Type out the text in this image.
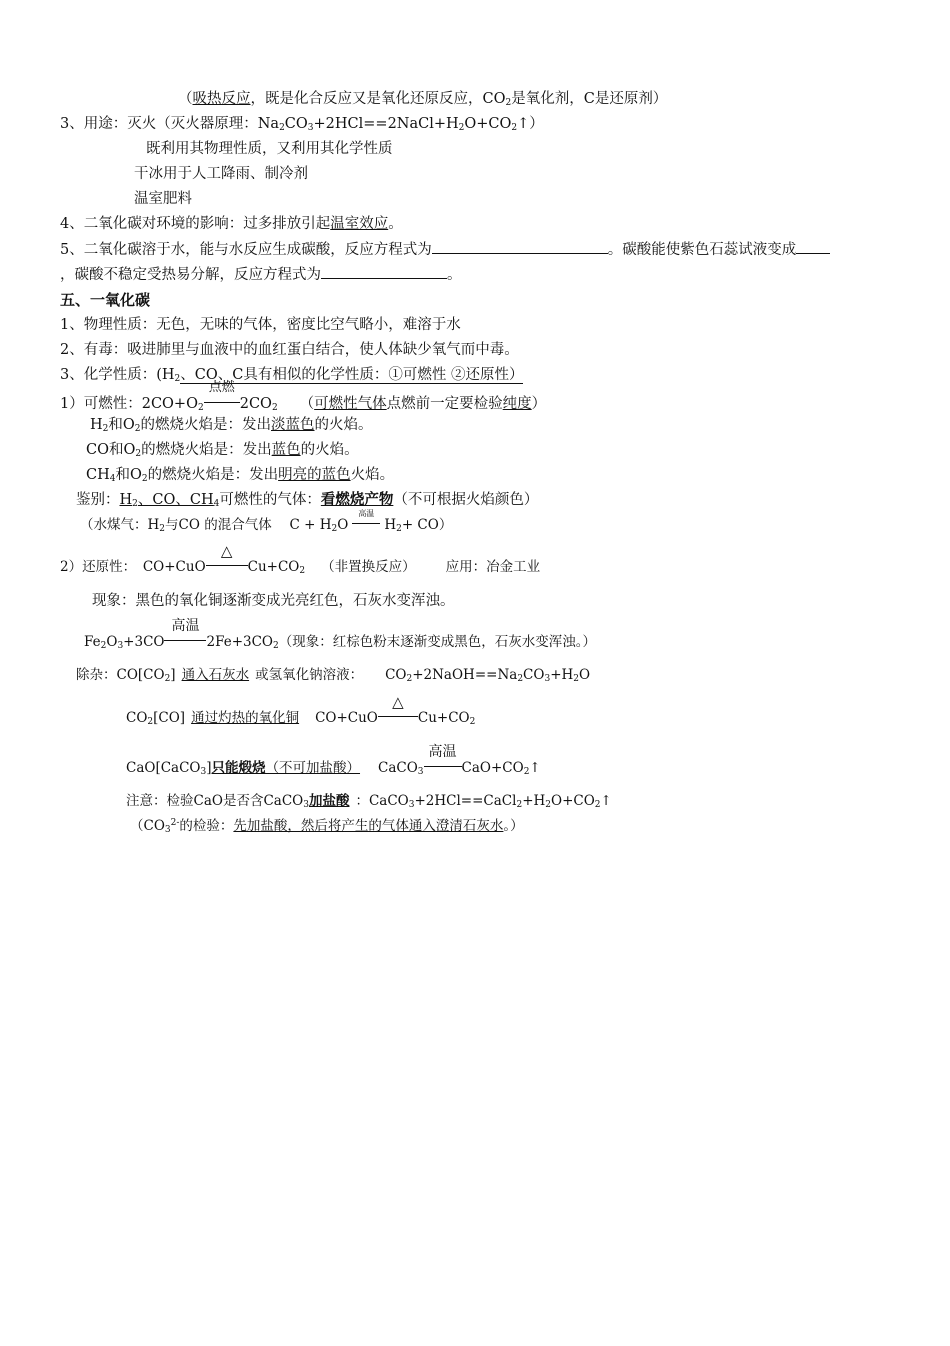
（吸热反应，既是化合反应又是氧化还原反应，$CO_2$是氧化剂，C是还原剂）
3、用途：灭火（灭火器原理：$Na_2CO_3+2HCl==2NaCl+H_2O+CO_2↑$）
既利用其物理性质，又利用其化学性质
干冰用于人工降雨、制冷剂
温室肥料
4、二氧化碳对环境的影响：过多排放引起温室效应。
5、二氧化碳溶于水，能与水反应生成碳酸，反应方程式为	。碳酸能使紫色石蕊试液变成
，碳酸不稳定受热易分解，反应方程式为	。
五、一氧化碳
1、物理性质：无色，无味的气体，密度比空气略小，难溶于水
2、有毒：吸进肺里与血液中的血红蛋白结合，使人体缺少氧气而中毒。
3、化学性质：($H_2$、CO、C具有相似的化学性质：①可燃性 ②还原性）
1）可燃性：$2CO+O_2$
点燃
$2CO_2$ （可燃性气体点燃前一定要检验纯度）
$H_2$和$O_2$的燃烧火焰是：发出淡蓝色的火焰。
CO和$O_2$的燃烧火焰是：发出蓝色的火焰。
$CH_4$和$O_2$的燃烧火焰是：发出明亮的蓝色火焰。
鉴别：$H_2$、CO、$CH_4$可燃性的气体：看燃烧产物（不可根据火焰颜色）
（水煤气：$H_2$与CO 的混合气体 　$C + H_2O$
高温
$H_2+ CO$）
2）还原性：　CO+CuO
△
$Cu+CO_2$ （非置换反应） 应用：冶金工业
现象：黑色的氧化铜逐渐变成光亮红色，石灰水变浑浊。
$Fe_2O_3+3CO$
高温
$2Fe+3CO_2$（现象：红棕色粉末逐渐变成黑色，石灰水变浑浊。）
除杂：$CO[CO_2]$ 通入石灰水 或氢氧化钠溶液： $CO_2+2NaOH==Na_2CO_3+H_2O$
$CO_2[CO]$ 通过灼热的氧化铜 CO+CuO
△
$Cu+CO_2$
CaO[CaCO$_3$]只能煅烧（不可加盐酸） CaCO$_3$
高温
$CaO+CO_2↑$
注意：检验CaO是否含CaCO$_3$加盐酸 ：$CaCO_3+2HCl==CaCl_2+H_2O+CO_2↑$
（$CO_3^{2-}$的检验：先加盐酸，然后将产生的气体通入澄清石灰水。）
